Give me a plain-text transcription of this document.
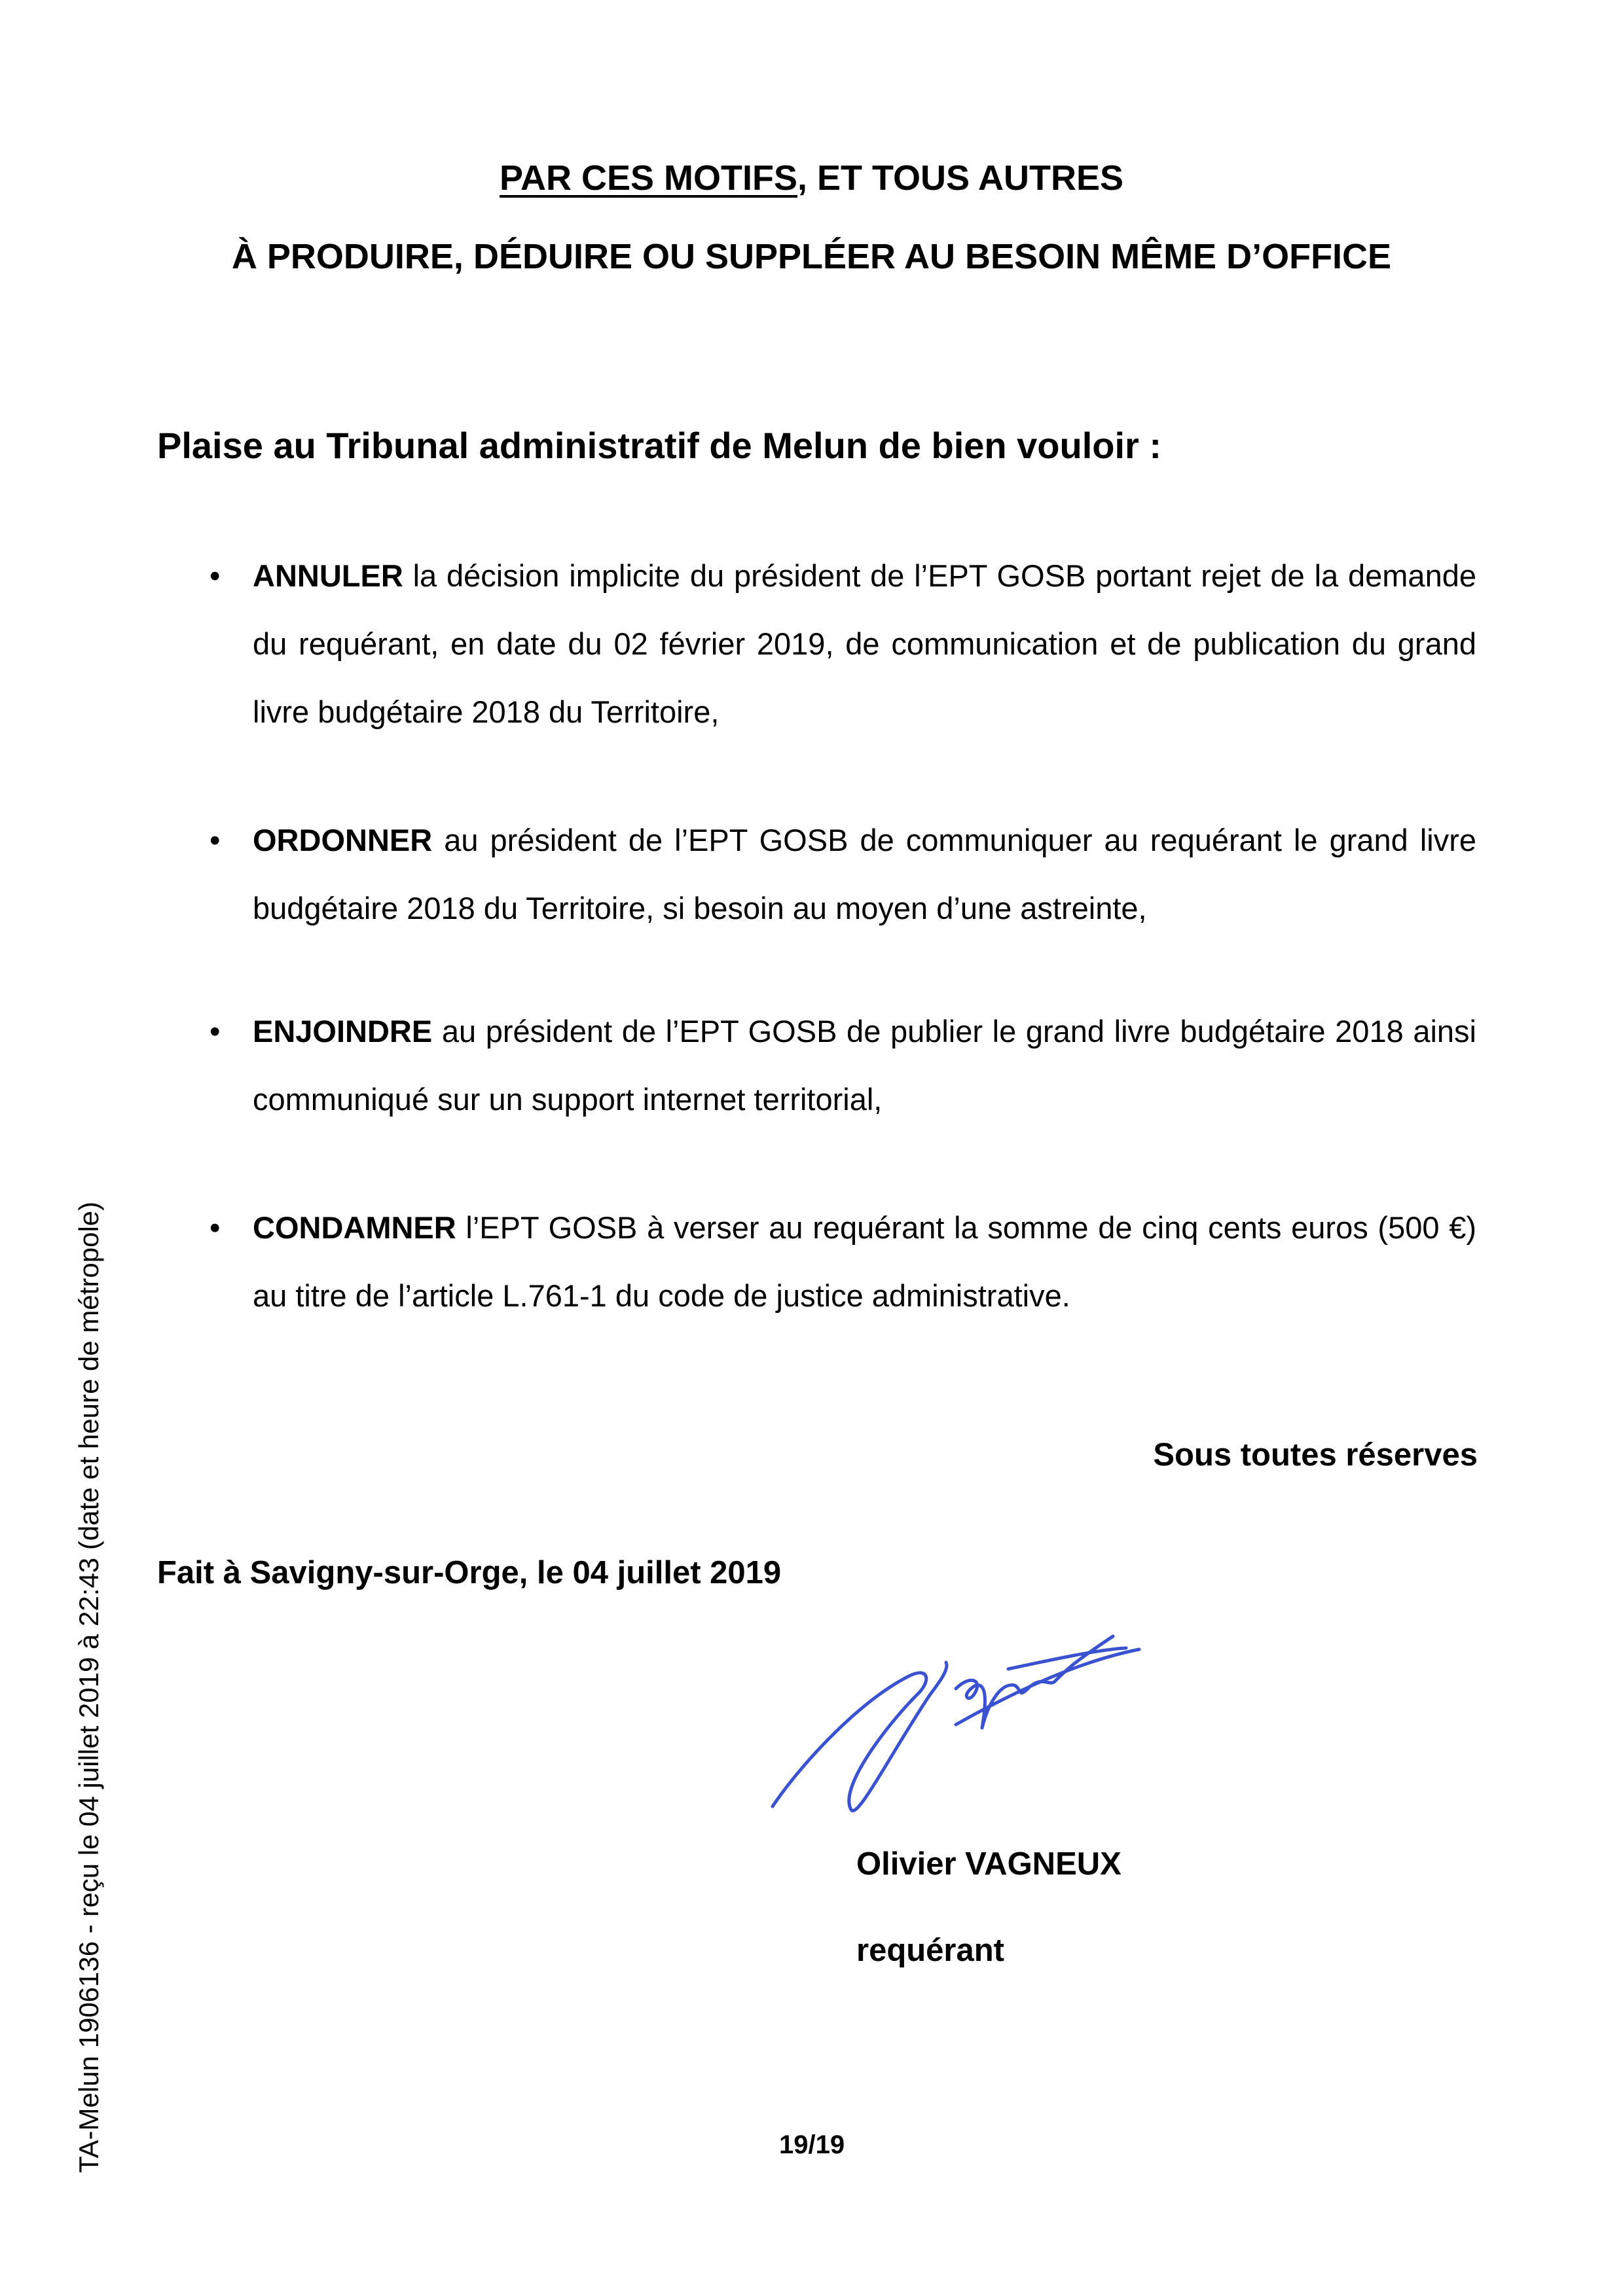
TA-Melun 1906136 - reçu le 04 juillet 2019 à 22:43 (date et heure de métropole)
PAR CES MOTIFS, ET TOUS AUTRES
À PRODUIRE, DÉDUIRE OU SUPPLÉER AU BESOIN MÊME D’OFFICE
Plaise au Tribunal administratif de Melun de bien vouloir :
• ANNULER la décision implicite du président de l’EPT GOSB portant rejet de la demande du requérant, en date du 02 février 2019, de communication et de publication du grand livre budgétaire 2018 du Territoire,
• ORDONNER au président de l’EPT GOSB de communiquer au requérant le grand livre budgétaire 2018 du Territoire, si besoin au moyen d’une astreinte,
• ENJOINDRE au président de l’EPT GOSB de publier le grand livre budgétaire 2018 ainsi communiqué sur un support internet territorial,
• CONDAMNER l’EPT GOSB à verser au requérant la somme de cinq cents euros (500 €) au titre de l’article L.761-1 du code de justice administrative.
Sous toutes réserves
Fait à Savigny-sur-Orge, le 04 juillet 2019
Olivier VAGNEUX
requérant
19/19
